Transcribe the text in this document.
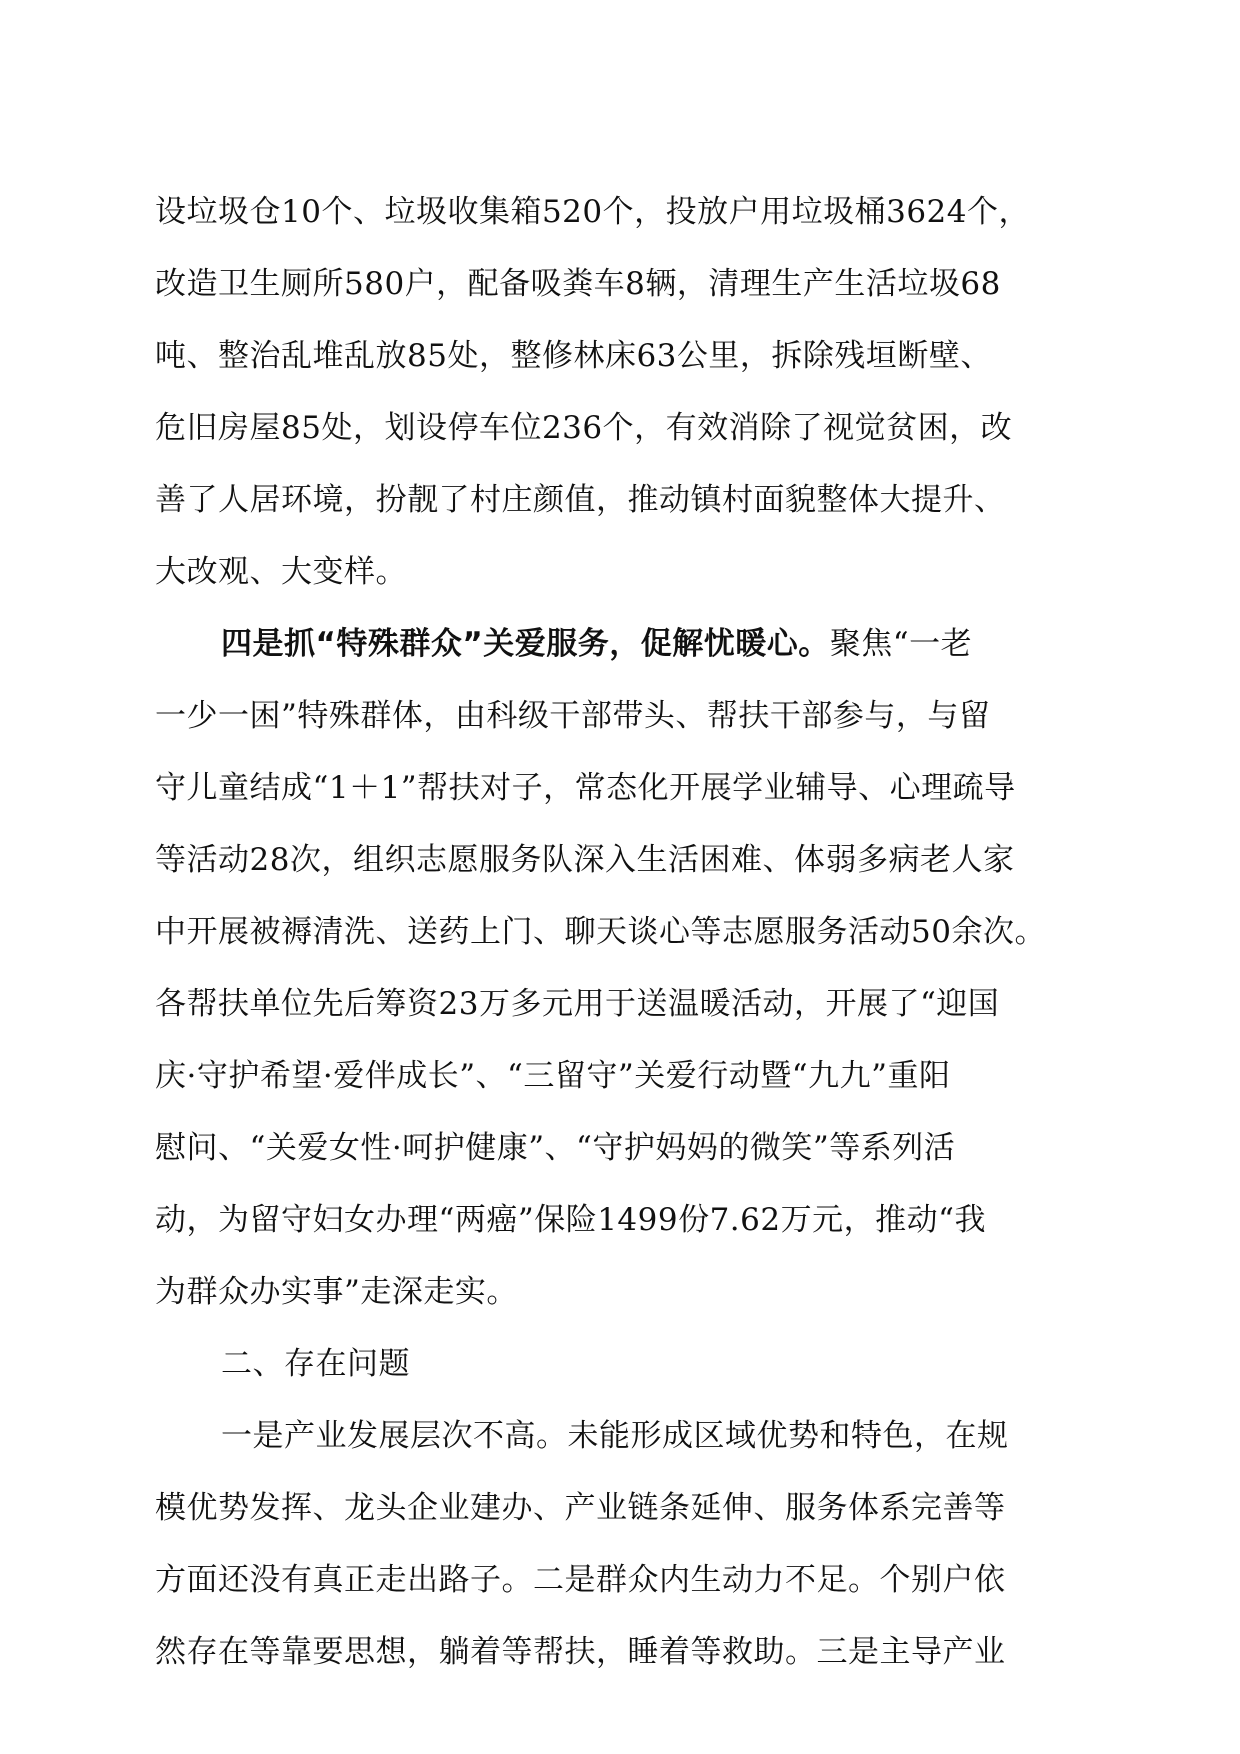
设垃圾仓10个、垃圾收集箱520个，投放户用垃圾桶3624个，
改造卫生厕所580户，配备吸粪车8辆，清理生产生活垃圾68
吨、整治乱堆乱放85处，整修林床63公里，拆除残垣断壁、
危旧房屋85处，划设停车位236个，有效消除了视觉贫困，改
善了人居环境，扮靓了村庄颜值，推动镇村面貌整体大提升、
大改观、大变样。
四是抓“特殊群众”关爱服务，促解忧暖心。聚焦“一老
一少一困”特殊群体，由科级干部带头、帮扶干部参与，与留
守儿童结成“1＋1”帮扶对子，常态化开展学业辅导、心理疏导
等活动28次，组织志愿服务队深入生活困难、体弱多病老人家
中开展被褥清洗、送药上门、聊天谈心等志愿服务活动50余次。
各帮扶单位先后筹资23万多元用于送温暖活动，开展了“迎国
庆·守护希望·爱伴成长”、“三留守”关爱行动暨“九九”重阳
慰问、“关爱女性·呵护健康”、“守护妈妈的微笑”等系列活
动，为留守妇女办理“两癌”保险1499份7.62万元，推动“我
为群众办实事”走深走实。
二、存在问题
一是产业发展层次不高。未能形成区域优势和特色，在规
模优势发挥、龙头企业建办、产业链条延伸、服务体系完善等
方面还没有真正走出路子。二是群众内生动力不足。个别户依
然存在等靠要思想，躺着等帮扶，睡着等救助。三是主导产业
